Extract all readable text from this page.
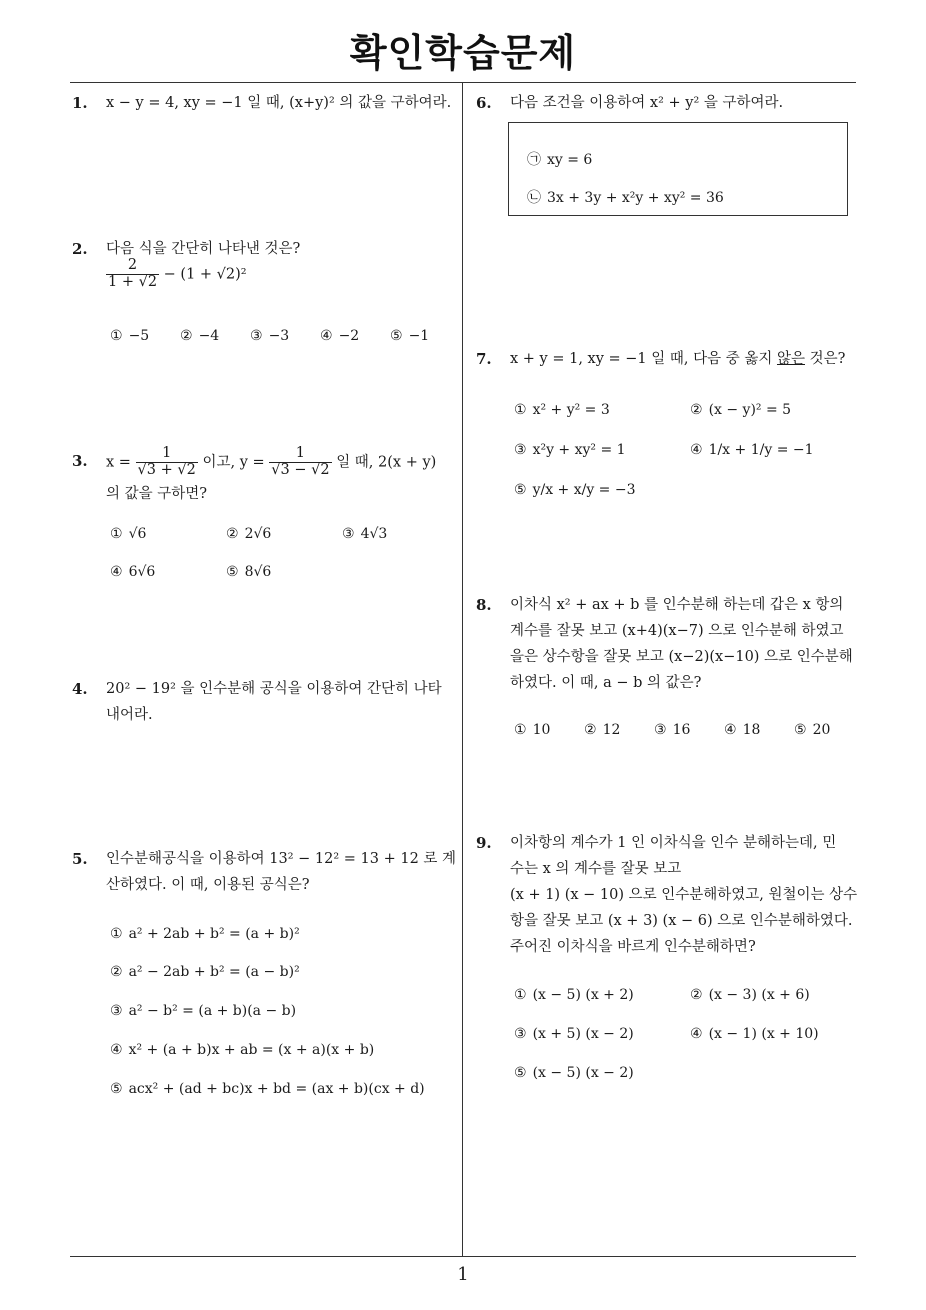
확인학습문제
1
1. x − y = 4, xy = −1 일 때, (x+y)² 의 값을 구하여라.
2. 다음 식을 간단히 나타낸 것은?
$\frac{2}{1 + √2} - (1 + √2)^2$
① −5 ② −4 ③ −3 ④ −2 ⑤ −1
3. $x = \frac{1}{√3 + √2}$ 이고, $y = \frac{1}{√3 - √2}$ 일 때, 2(x + y)
의 값을 구하면?
① √6	② 2√6	③ 4√3
④ 6√6	⑤ 8√6
4. 20² − 19² 을 인수분해 공식을 이용하여 간단히 나타
내어라.
5. 인수분해공식을 이용하여 13² − 12² = 13 + 12 로 계
산하였다. 이 때, 이용된 공식은?
① a² + 2ab + b² = (a + b)²
② a² − 2ab + b² = (a − b)²
③ a² − b² = (a + b)(a − b)
④ x² + (a + b)x + ab = (x + a)(x + b)
⑤ acx² + (ad + bc)x + bd = (ax + b)(cx + d)
6. 다음 조건을 이용하여 x² + y² 을 구하여라.
㉠ xy = 6
㉡ 3x + 3y + x²y + xy² = 36
7. x + y = 1, xy = −1 일 때, 다음 중 옳지 않은 것은?
① x² + y² = 3	② (x − y)² = 5
③ x²y + xy² = 1	④ 1/x + 1/y = −1
⑤ y/x + x/y = −3
8. 이차식 x² + ax + b 를 인수분해 하는데 갑은 x 항의
계수를 잘못 보고 (x+4)(x−7) 으로 인수분해 하였고
을은 상수항을 잘못 보고 (x−2)(x−10) 으로 인수분해
하였다. 이 때, a − b 의 값은?
① 10 ② 12 ③ 16 ④ 18 ⑤ 20
9. 이차항의 계수가 1 인 이차식을 인수 분해하는데, 민
수는 x 의 계수를 잘못 보고
(x + 1) (x − 10) 으로 인수분해하였고, 원철이는 상수
항을 잘못 보고 (x + 3) (x − 6) 으로 인수분해하였다.
주어진 이차식을 바르게 인수분해하면?
① (x − 5) (x + 2)	② (x − 3) (x + 6)
③ (x + 5) (x − 2)	④ (x − 1) (x + 10)
⑤ (x − 5) (x − 2)
